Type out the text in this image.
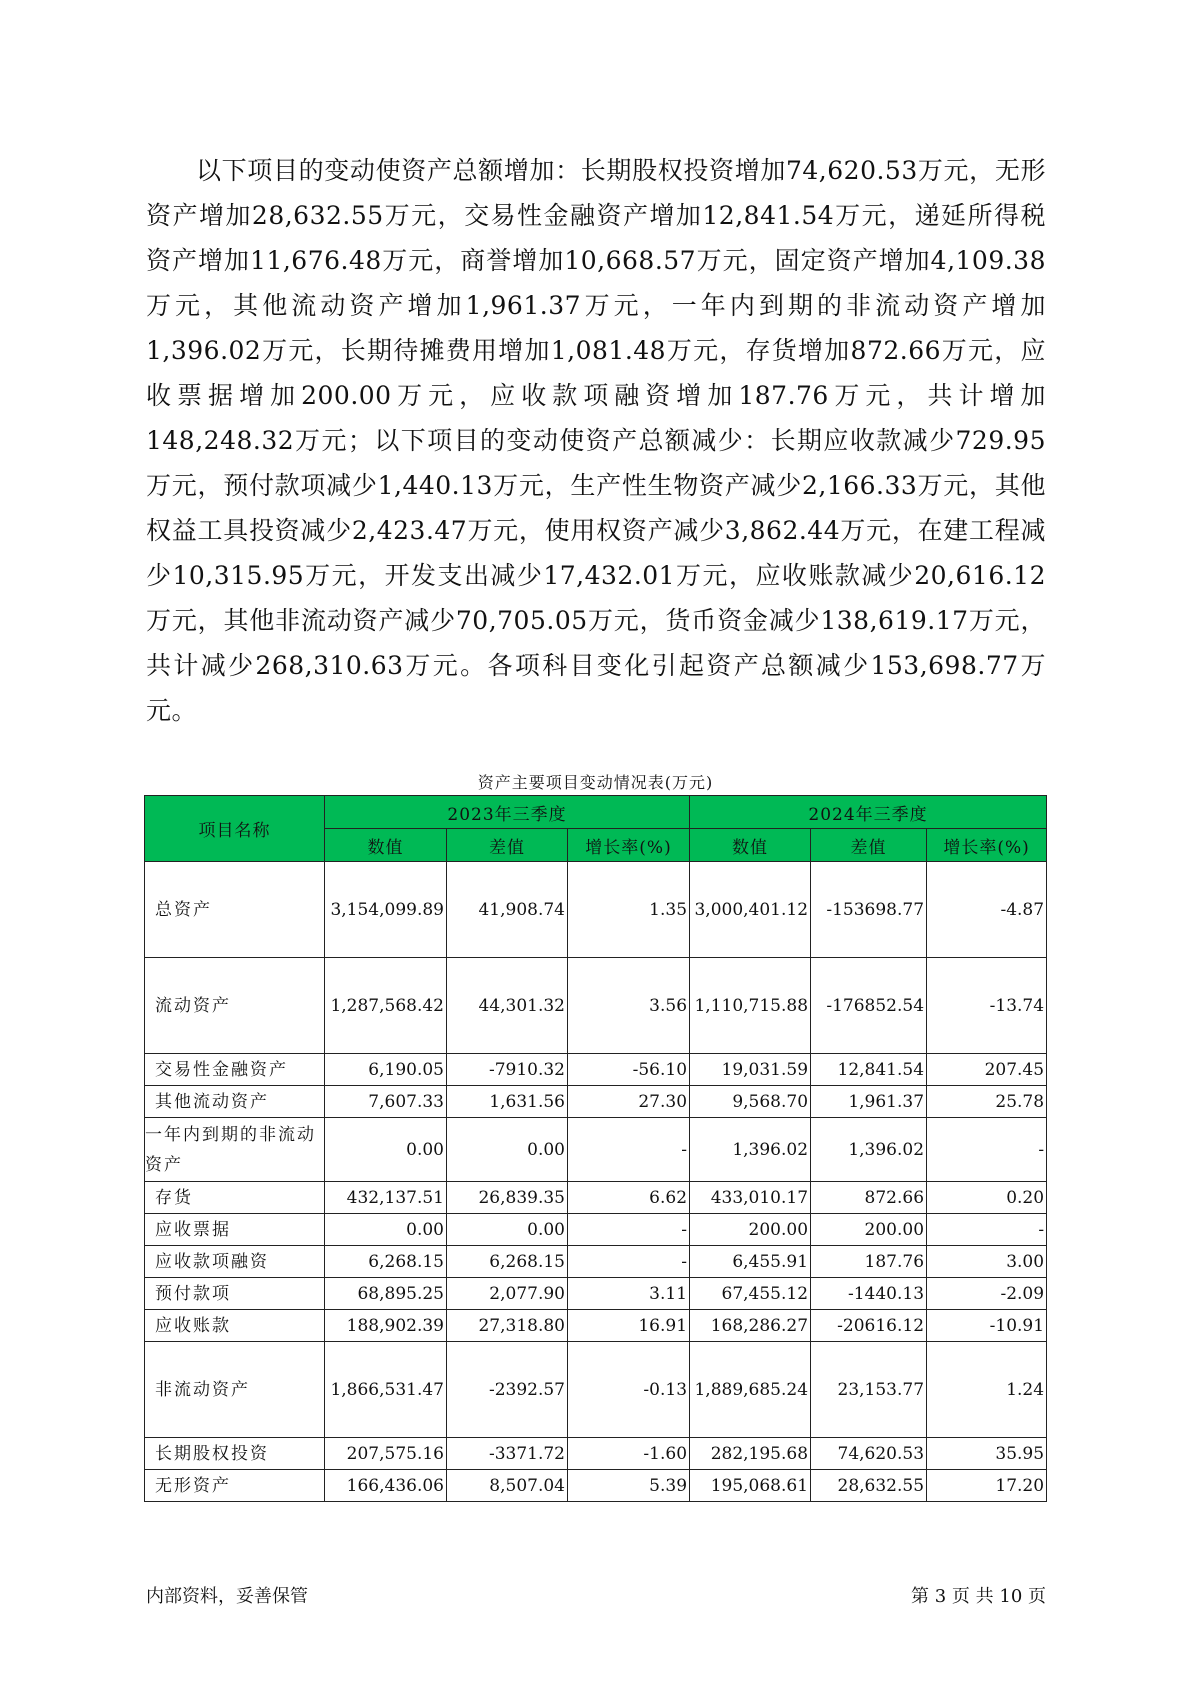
以下项目的变动使资产总额增加：长期股权投资增加74,620.53万元，无形资产增加28,632.55万元，交易性金融资产增加12,841.54万元，递延所得税资产增加11,676.48万元，商誉增加10,668.57万元，固定资产增加4,109.38万元，其他流动资产增加1,961.37万元，一年内到期的非流动资产增加1,396.02万元，长期待摊费用增加1,081.48万元，存货增加872.66万元，应收票据增加200.00万元，应收款项融资增加187.76万元，共计增加148,248.32万元；以下项目的变动使资产总额减少：长期应收款减少729.95万元，预付款项减少1,440.13万元，生产性生物资产减少2,166.33万元，其他权益工具投资减少2,423.47万元，使用权资产减少3,862.44万元，在建工程减少10,315.95万元，开发支出减少17,432.01万元，应收账款减少20,616.12万元，其他非流动资产减少70,705.05万元，货币资金减少138,619.17万元，共计减少268,310.63万元。各项科目变化引起资产总额减少153,698.77万元。

资产主要项目变动情况表(万元)
项目名称	2023年三季度			2024年三季度		
	数值	差值	增长率(%)	数值	差值	增长率(%)
总资产	3,154,099.89	41,908.74	1.35	3,000,401.12	-153698.77	-4.87
流动资产	1,287,568.42	44,301.32	3.56	1,110,715.88	-176852.54	-13.74
交易性金融资产	6,190.05	-7910.32	-56.10	19,031.59	12,841.54	207.45
其他流动资产	7,607.33	1,631.56	27.30	9,568.70	1,961.37	25.78
一年内到期的非流动资产	0.00	0.00	-	1,396.02	1,396.02	-
存货	432,137.51	26,839.35	6.62	433,010.17	872.66	0.20
应收票据	0.00	0.00	-	200.00	200.00	-
应收款项融资	6,268.15	6,268.15	-	6,455.91	187.76	3.00
预付款项	68,895.25	2,077.90	3.11	67,455.12	-1440.13	-2.09
应收账款	188,902.39	27,318.80	16.91	168,286.27	-20616.12	-10.91
非流动资产	1,866,531.47	-2392.57	-0.13	1,889,685.24	23,153.77	1.24
长期股权投资	207,575.16	-3371.72	-1.60	282,195.68	74,620.53	35.95
无形资产	166,436.06	8,507.04	5.39	195,068.61	28,632.55	17.20
内部资料，妥善保管	第 3 页 共 10 页
